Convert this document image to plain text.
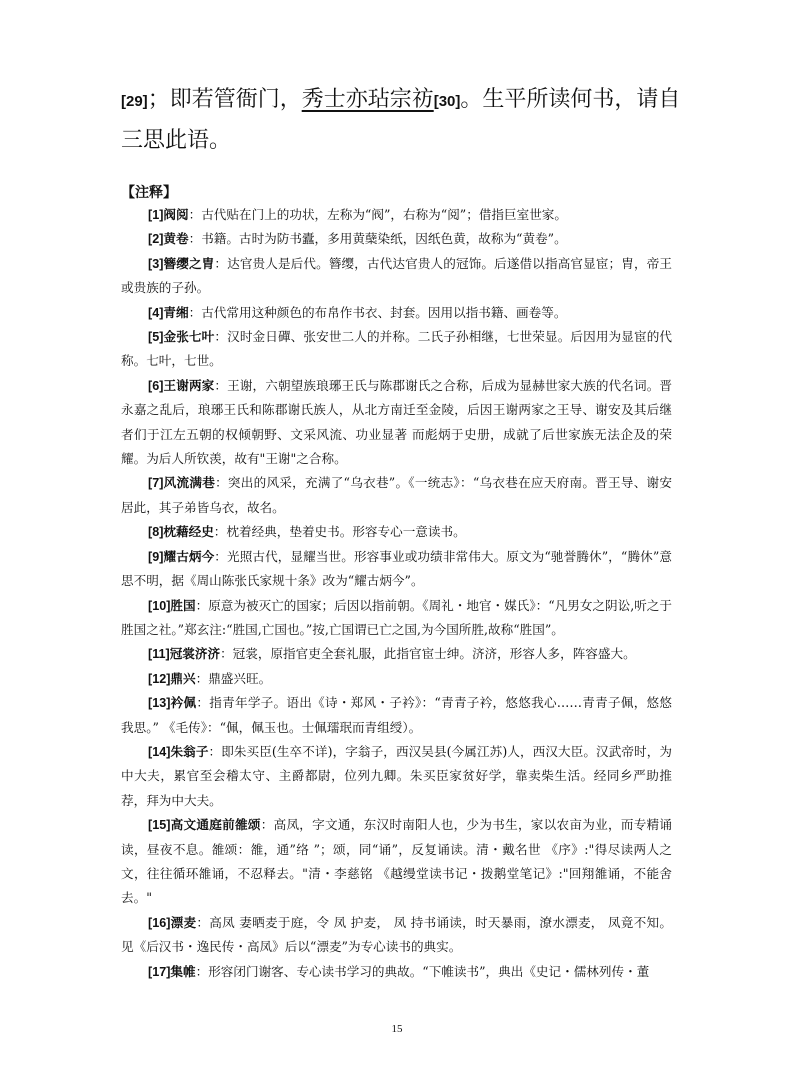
[29]；即若管衙门，秀士亦玷宗祊[30]。生平所读何书，请自三思此语。

【注释】

[1]阀阅：古代贴在门上的功状，左称为“阀”，右称为“阅”；借指巨室世家。

[2]黄卷：书籍。古时为防书蠹，多用黄蘖染纸，因纸色黄，故称为“黄卷”。

[3]簪缨之胄：达官贵人是后代。簪缨，古代达官贵人的冠饰。后遂借以指高官显宦；胄，帝王或贵族的子孙。

[4]青缃：古代常用这种颜色的布帛作书衣、封套。因用以指书籍、画卷等。

[5]金张七叶：汉时金日磾、张安世二人的并称。二氏子孙相继，七世荣显。后因用为显宦的代称。七叶，七世。

[6]王谢两家：王谢，六朝望族琅琊王氏与陈郡谢氏之合称，后成为显赫世家大族的代名词。晋永嘉之乱后，琅琊王氏和陈郡谢氏族人，从北方南迁至金陵，后因王谢两家之王导、谢安及其后继者们于江左五朝的权倾朝野、文采风流、功业显著 而彪炳于史册，成就了后世家族无法企及的荣耀。为后人所钦羡，故有"王谢"之合称。

[7]风流满巷：突出的风采，充满了“乌衣巷”。《一统志》：“乌衣巷在应天府南。晋王导、谢安居此，其子弟皆乌衣，故名。

[8]枕藉经史：枕着经典，垫着史书。形容专心一意读书。

[9]耀古炳今：光照古代，显耀当世。形容事业或功绩非常伟大。原文为“驰誉腾休”，“腾休”意思不明，据《周山陈张氏家规十条》改为“耀古炳今”。

[10]胜国：原意为被灭亡的国家；后因以指前朝。《周礼・地官・媒氏》：“凡男女之阴讼,听之于胜国之社。”郑玄注:“胜国,亡国也。”按,亡国谓已亡之国,为今国所胜,故称“胜国”。

[11]冠裳济济：冠裳，原指官吏全套礼服，此指官宦士绅。济济，形容人多，阵容盛大。

[12]鼎兴：鼎盛兴旺。

[13]衿佩：指青年学子。语出《诗・郑风・子衿》：“青青子衿，悠悠我心……青青子佩，悠悠我思。” 《毛传》：“佩，佩玉也。士佩瓀珉而青组绶）。

[14]朱翁子：即朱买臣(生卒不详)，字翁子，西汉吴县(今属江苏)人，西汉大臣。汉武帝时，为中大夫，累官至会稽太守、主爵都尉，位列九卿。朱买臣家贫好学，靠卖柴生活。经同乡严助推荐，拜为中大夫。

[15]高文通庭前雒颂：高凤，字文通，东汉时南阳人也，少为书生，家以农亩为业，而专精诵读，昼夜不息。雒颂：雒，通”络 ”；颂，同“诵”，反复诵读。清・戴名世 《序》:"得尽读两人之文，往往循环雒诵，不忍释去。"清・李慈铭 《越缦堂读书记・拨鹅堂笔记》:"回翔雒诵，不能舍去。"

[16]漂麦：高凤 妻晒麦于庭，令 凤 护麦， 凤 持书诵读，时天暴雨，潦水漂麦， 凤竟不知。 见《后汉书・逸民传・高凤》后以“漂麦”为专心读书的典实。

[17]集帷：形容闭门谢客、专心读书学习的典故。“下帷读书”，典出《史记・儒林列传・董

15
